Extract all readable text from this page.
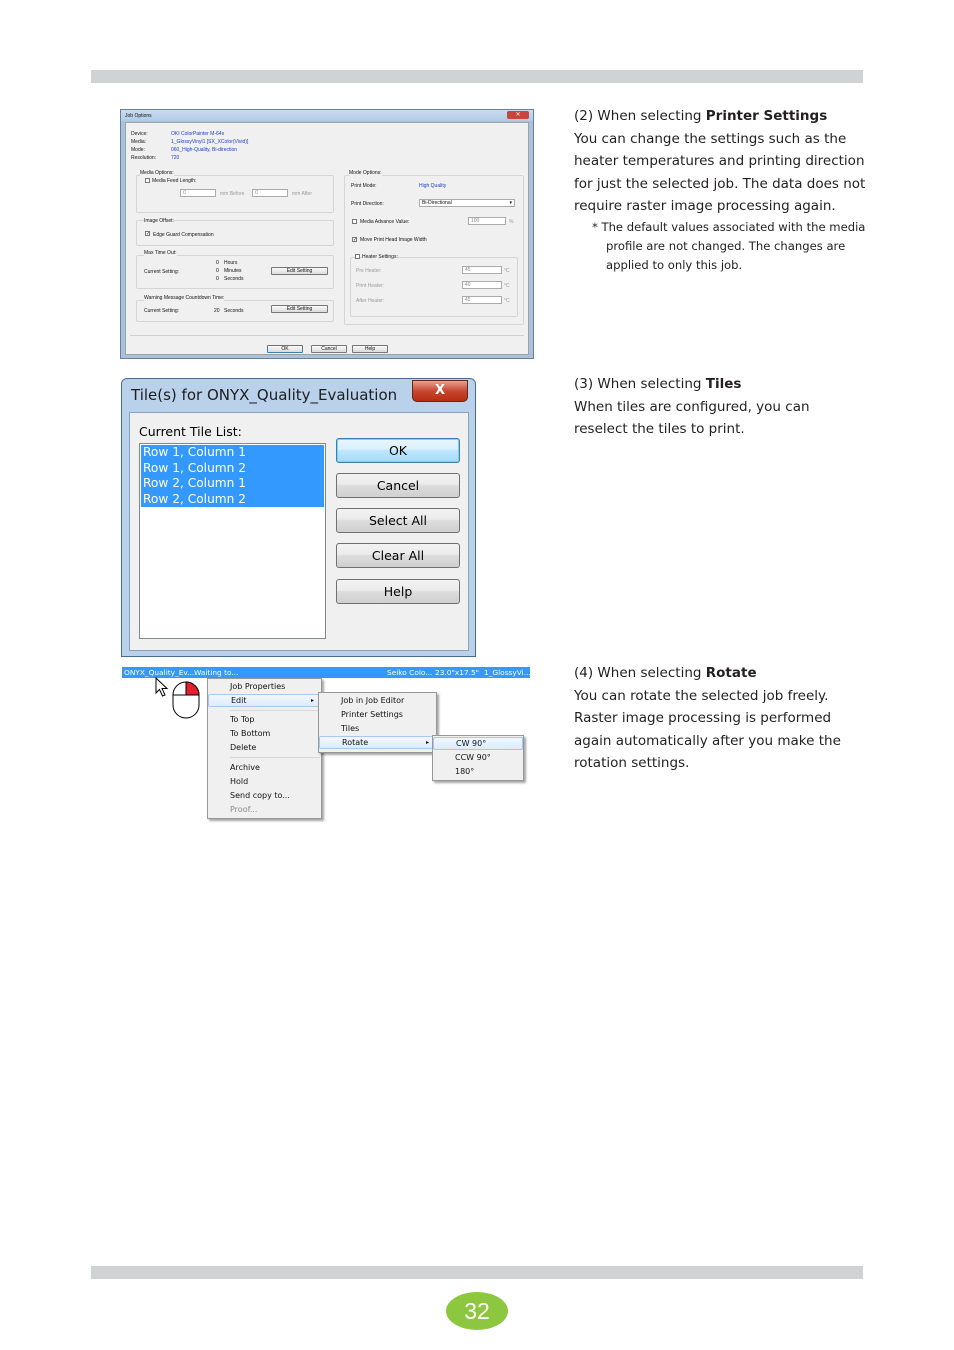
Job Options	✕
Device:	OKI ColorPainter M-64s
Media:	1_GlossyVinyl1 [SX_XColor(Vivid)]
Mode:	060_High-Quality, Bi-direction
Resolution:	720
Media Options:
Media Feed Length:
0	mm Before	0	mm After
Image Offset:
✓ Edge Guard Compensation
Max Time Out:
0 Hours
Current Setting:	0 Minutes
0 Seconds
Edit Setting
Warning Message Countdown Time:
Current Setting:	20 Seconds	Edit Setting
Mode Options:
Print Mode:	High Quality
Print Direction:	Bi-Directional	▾
Media Advance Value:	100	%
✓ Move Print Head Image Width
Heater Settings:
Pre Heater:	45	°C
Print Heater:	40	°C
After Heater:	45	°C
OK	Cancel	Help
(2) When selecting Printer Settings
You can change the settings such as the heater temperatures and printing direction for just the selected job. The data does not require raster image processing again.
* The default values associated with the media profile are not changed. The changes are applied to only this job.
Tile(s) for ONYX_Quality_Evaluation	X
Current Tile List:
Row 1, Column 1
Row 1, Column 2
Row 2, Column 1
Row 2, Column 2
OK
Cancel
Select All
Clear All
Help
(3) When selecting Tiles
When tiles are configured, you can reselect the tiles to print.
ONYX_Quality_Ev... Waiting to...	Seiko Colo... 23.0"x17.5" 1_GlossyVi...
Job Properties
Edit	▸
To Top
To Bottom
Delete
Archive
Hold
Send copy to...
Proof...
Job in Job Editor
Printer Settings
Tiles
Rotate	▸	CW 90°
CCW 90°
180°
(4) When selecting Rotate
You can rotate the selected job freely. Raster image processing is performed again automatically after you make the rotation settings.
32
